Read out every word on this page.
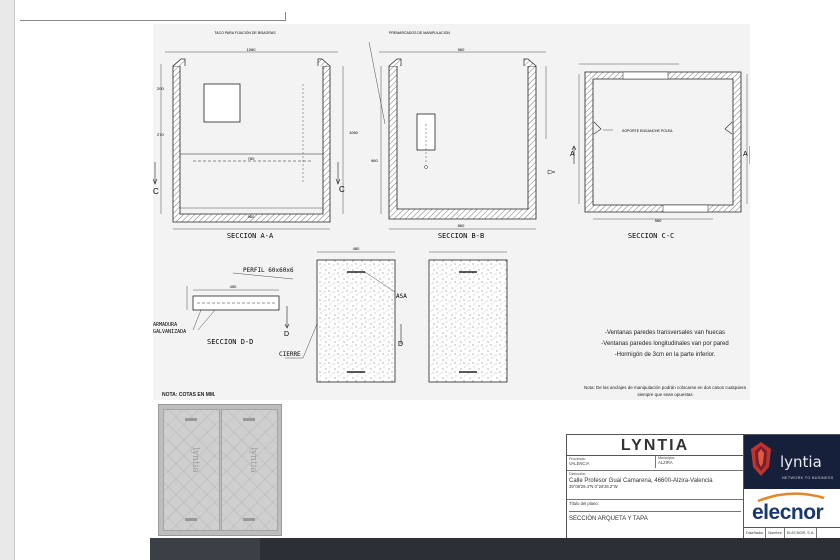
C	C
TACO PARA FIJACION DE BISAGRAS
1060
760
960
1060
200
270
SECCION A-A
PREMARCADOS DE MANIPULACION
960
860
960
SECCION B-B
A	A
SOPORTE ENGANCHE POLEA
960
SECCION C-C
450
PERFIL 60x60x6
ARMADURA
GALVANIZADA
SECCION D-D
480
ASA
CIERRE
D
D
-Ventanas paredes transversales van huecas
-Ventanas paredes longitudinales van por pared
-Hormigón de 3cm en la parte inferior.
Nota: De las anclajes de manipulación podrán colocarse en dos casos cualquiera siempre que sean opuestas
NOTA: COTAS EN MM.
lyntia	lyntia
LYNTIA
Provincia:
VALENCIA
Municipio:
ALZIRA
Dirección:
Calle Profesor Guai Camarena, 46600-Alzira-Valencia
39°08'29.4"N 0°26'26.2"W
Título del plano:
SECCIÓN ARQUETA Y TAPA
lyntia
NETWORK TO BUSINESS
elecnor
Diseñador	Nombre	ELECNOR, S.A.
